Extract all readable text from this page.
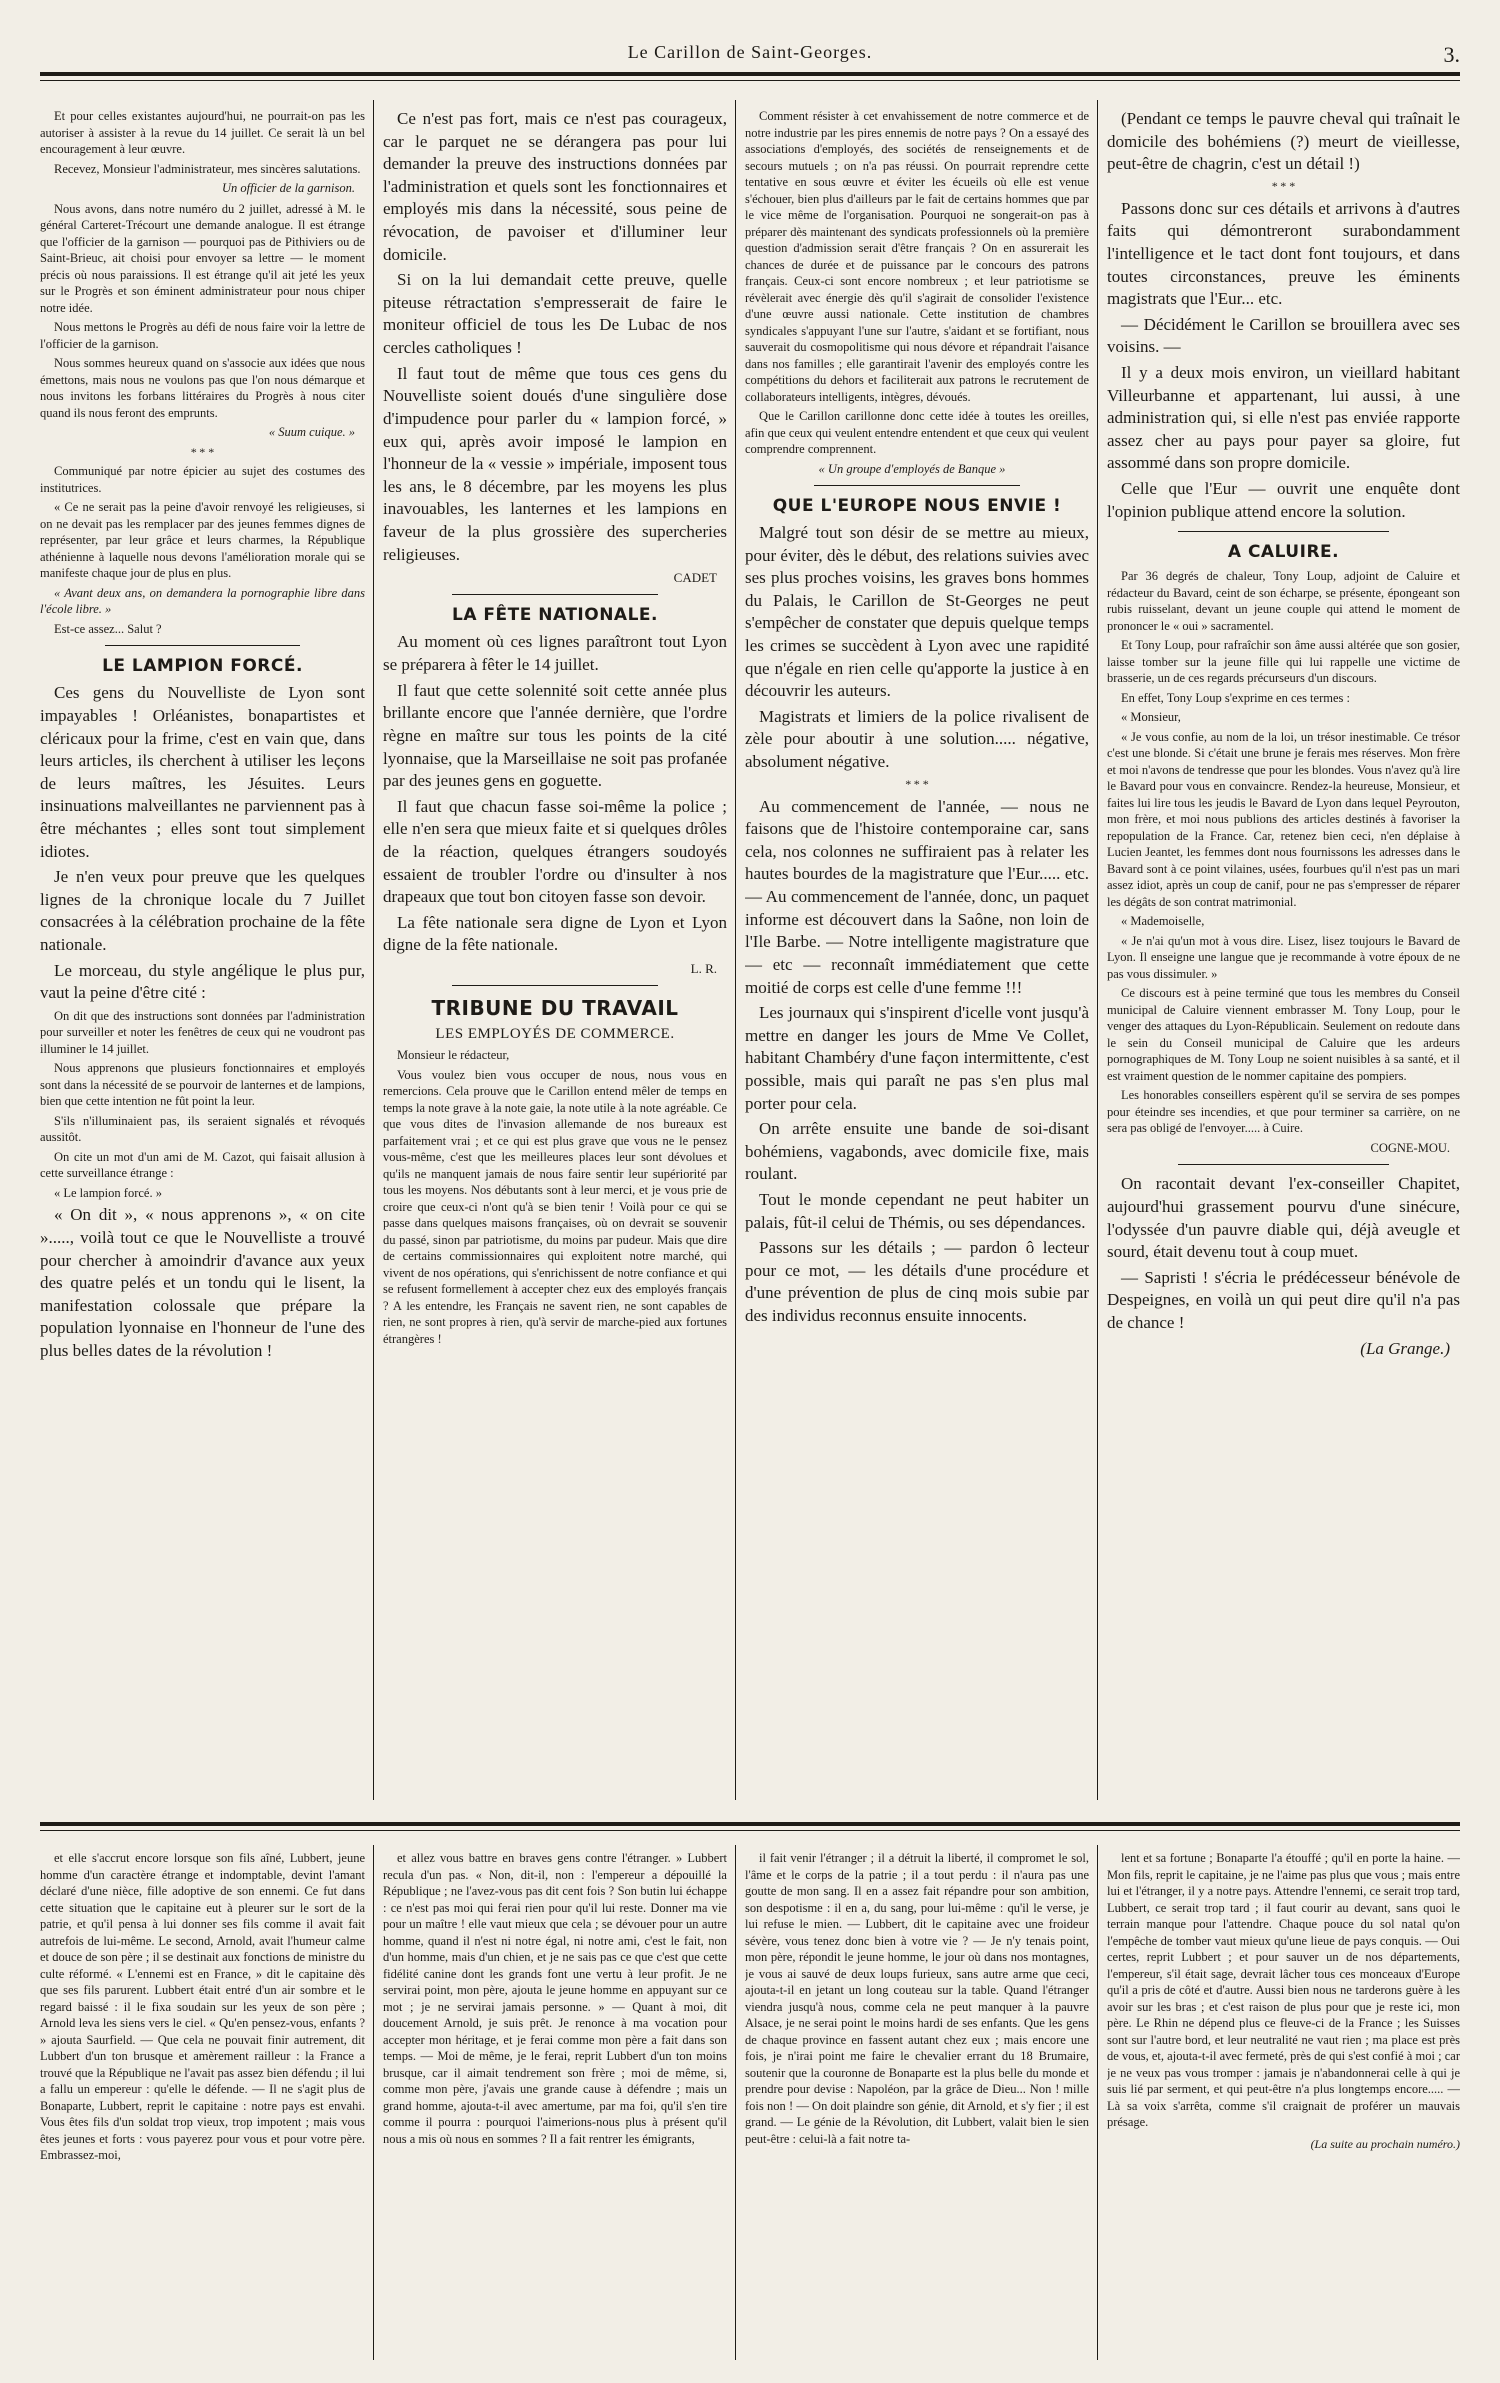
Le Carillon de Saint-Georges.	3.

Et pour celles existantes aujourd'hui, ne pourrait-on pas les autoriser à assister à la revue du 14 juillet. Ce serait là un bel encouragement à leur œuvre.

Recevez, Monsieur l'administrateur, mes sincères salutations.

Un officier de la garnison.

Nous avons, dans notre numéro du 2 juillet, adressé à M. le général Carteret-Trécourt une demande analogue. Il est étrange que l'officier de la garnison — pourquoi pas de Pithiviers ou de Saint-Brieuc, ait choisi pour envoyer sa lettre — le moment précis où nous paraissions. Il est étrange qu'il ait jeté les yeux sur le Progrès et son éminent administrateur pour nous chiper notre idée.

Nous mettons le Progrès au défi de nous faire voir la lettre de l'officier de la garnison.

Nous sommes heureux quand on s'associe aux idées que nous émettons, mais nous ne voulons pas que l'on nous démarque et nous invitons les forbans littéraires du Progrès à nous citer quand ils nous feront des emprunts.

« Suum cuique. »
* * *

Communiqué par notre épicier au sujet des costumes des institutrices.

« Ce ne serait pas la peine d'avoir renvoyé les religieuses, si on ne devait pas les remplacer par des jeunes femmes dignes de représenter, par leur grâce et leurs charmes, la République athénienne à laquelle nous devons l'amélioration morale qui se manifeste chaque jour de plus en plus.

« Avant deux ans, on demandera la pornographie libre dans l'école libre. »

Est-ce assez... Salut ?

LE LAMPION FORCÉ.

Ces gens du Nouvelliste de Lyon sont impayables ! Orléanistes, bonapartistes et cléricaux pour la frime, c'est en vain que, dans leurs articles, ils cherchent à utiliser les leçons de leurs maîtres, les Jésuites. Leurs insinuations malveillantes ne parviennent pas à être méchantes ; elles sont tout simplement idiotes.

Je n'en veux pour preuve que les quelques lignes de la chronique locale du 7 Juillet consacrées à la célébration prochaine de la fête nationale.

Le morceau, du style angélique le plus pur, vaut la peine d'être cité :

On dit que des instructions sont données par l'administration pour surveiller et noter les fenêtres de ceux qui ne voudront pas illuminer le 14 juillet.

Nous apprenons que plusieurs fonctionnaires et employés sont dans la nécessité de se pourvoir de lanternes et de lampions, bien que cette intention ne fût point la leur.

S'ils n'illuminaient pas, ils seraient signalés et révoqués aussitôt.

On cite un mot d'un ami de M. Cazot, qui faisait allusion à cette surveillance étrange :

« Le lampion forcé. »

« On dit », « nous apprenons », « on cite »....., voilà tout ce que le Nouvelliste a trouvé pour chercher à amoindrir d'avance aux yeux des quatre pelés et un tondu qui le lisent, la manifestation colossale que prépare la population lyonnaise en l'honneur de l'une des plus belles dates de la révolution !

Ce n'est pas fort, mais ce n'est pas courageux, car le parquet ne se dérangera pas pour lui demander la preuve des instructions données par l'administration et quels sont les fonctionnaires et employés mis dans la nécessité, sous peine de révocation, de pavoiser et d'illuminer leur domicile.

Si on la lui demandait cette preuve, quelle piteuse rétractation s'empresserait de faire le moniteur officiel de tous les De Lubac de nos cercles catholiques !

Il faut tout de même que tous ces gens du Nouvelliste soient doués d'une singulière dose d'impudence pour parler du « lampion forcé, » eux qui, après avoir imposé le lampion en l'honneur de la « vessie » impériale, imposent tous les ans, le 8 décembre, par les moyens les plus inavouables, les lanternes et les lampions en faveur de la plus grossière des supercheries religieuses.

CADET
LA FÊTE NATIONALE.

Au moment où ces lignes paraîtront tout Lyon se préparera à fêter le 14 juillet.

Il faut que cette solennité soit cette année plus brillante encore que l'année dernière, que l'ordre règne en maître sur tous les points de la cité lyonnaise, que la Marseillaise ne soit pas profanée par des jeunes gens en goguette.

Il faut que chacun fasse soi-même la police ; elle n'en sera que mieux faite et si quelques drôles de la réaction, quelques étrangers soudoyés essaient de troubler l'ordre ou d'insulter à nos drapeaux que tout bon citoyen fasse son devoir.

La fête nationale sera digne de Lyon et Lyon digne de la fête nationale.

L. R.
TRIBUNE DU TRAVAIL
LES EMPLOYÉS DE COMMERCE.

Monsieur le rédacteur,

Vous voulez bien vous occuper de nous, nous vous en remercions. Cela prouve que le Carillon entend mêler de temps en temps la note grave à la note gaie, la note utile à la note agréable. Ce que vous dites de l'invasion allemande de nos bureaux est parfaitement vrai ; et ce qui est plus grave que vous ne le pensez vous-même, c'est que les meilleures places leur sont dévolues et qu'ils ne manquent jamais de nous faire sentir leur supériorité par tous les moyens. Nos débutants sont à leur merci, et je vous prie de croire que ceux-ci n'ont qu'à se bien tenir ! Voilà pour ce qui se passe dans quelques maisons françaises, où on devrait se souvenir du passé, sinon par patriotisme, du moins par pudeur. Mais que dire de certains commissionnaires qui exploitent notre marché, qui vivent de nos opérations, qui s'enrichissent de notre confiance et qui se refusent formellement à accepter chez eux des employés français ? A les entendre, les Français ne savent rien, ne sont capables de rien, ne sont propres à rien, qu'à servir de marche-pied aux fortunes étrangères !

Comment résister à cet envahissement de notre commerce et de notre industrie par les pires ennemis de notre pays ? On a essayé des associations d'employés, des sociétés de renseignements et de secours mutuels ; on n'a pas réussi. On pourrait reprendre cette tentative en sous œuvre et éviter les écueils où elle est venue s'échouer, bien plus d'ailleurs par le fait de certains hommes que par le vice même de l'organisation. Pourquoi ne songerait-on pas à préparer dès maintenant des syndicats professionnels où la première question d'admission serait d'être français ? On en assurerait les chances de durée et de puissance par le concours des patrons français. Ceux-ci sont encore nombreux ; et leur patriotisme se révèlerait avec énergie dès qu'il s'agirait de consolider l'existence d'une œuvre aussi nationale. Cette institution de chambres syndicales s'appuyant l'une sur l'autre, s'aidant et se fortifiant, nous sauverait du cosmopolitisme qui nous dévore et répandrait l'aisance dans nos familles ; elle garantirait l'avenir des employés contre les compétitions du dehors et faciliterait aux patrons le recrutement de collaborateurs intelligents, intègres, dévoués.

Que le Carillon carillonne donc cette idée à toutes les oreilles, afin que ceux qui veulent entendre entendent et que ceux qui veulent comprendre comprennent.

« Un groupe d'employés de Banque »
QUE L'EUROPE NOUS ENVIE !

Malgré tout son désir de se mettre au mieux, pour éviter, dès le début, des relations suivies avec ses plus proches voisins, les graves bons hommes du Palais, le Carillon de St-Georges ne peut s'empêcher de constater que depuis quelque temps les crimes se succèdent à Lyon avec une rapidité que n'égale en rien celle qu'apporte la justice à en découvrir les auteurs.

Magistrats et limiers de la police rivalisent de zèle pour aboutir à une solution..... négative, absolument négative.

* * *

Au commencement de l'année, — nous ne faisons que de l'histoire contemporaine car, sans cela, nos colonnes ne suffiraient pas à relater les hautes bourdes de la magistrature que l'Eur..... etc. — Au commencement de l'année, donc, un paquet informe est découvert dans la Saône, non loin de l'Ile Barbe. — Notre intelligente magistrature que — etc — reconnaît immédiatement que cette moitié de corps est celle d'une femme !!!

Les journaux qui s'inspirent d'icelle vont jusqu'à mettre en danger les jours de Mme Ve Collet, habitant Chambéry d'une façon intermittente, c'est possible, mais qui paraît ne pas s'en plus mal porter pour cela.

On arrête ensuite une bande de soi-disant bohémiens, vagabonds, avec domicile fixe, mais roulant.

Tout le monde cependant ne peut habiter un palais, fût-il celui de Thémis, ou ses dépendances.

Passons sur les détails ; — pardon ô lecteur pour ce mot, — les détails d'une procédure et d'une prévention de plus de cinq mois subie par des individus reconnus ensuite innocents.

(Pendant ce temps le pauvre cheval qui traînait le domicile des bohémiens (?) meurt de vieillesse, peut-être de chagrin, c'est un détail !)

* * *

Passons donc sur ces détails et arrivons à d'autres faits qui démontreront surabondamment l'intelligence et le tact dont font toujours, et dans toutes circonstances, preuve les éminents magistrats que l'Eur... etc.

— Décidément le Carillon se brouillera avec ses voisins. —

Il y a deux mois environ, un vieillard habitant Villeurbanne et appartenant, lui aussi, à une administration qui, si elle n'est pas enviée rapporte assez cher au pays pour payer sa gloire, fut assommé dans son propre domicile.

Celle que l'Eur — ouvrit une enquête dont l'opinion publique attend encore la solution.

A CALUIRE.

Par 36 degrés de chaleur, Tony Loup, adjoint de Caluire et rédacteur du Bavard, ceint de son écharpe, se présente, épongeant son rubis ruisselant, devant un jeune couple qui attend le moment de prononcer le « oui » sacramentel.

Et Tony Loup, pour rafraîchir son âme aussi altérée que son gosier, laisse tomber sur la jeune fille qui lui rappelle une victime de brasserie, un de ces regards précurseurs d'un discours.

En effet, Tony Loup s'exprime en ces termes :

« Monsieur,

« Je vous confie, au nom de la loi, un trésor inestimable. Ce trésor c'est une blonde. Si c'était une brune je ferais mes réserves. Mon frère et moi n'avons de tendresse que pour les blondes. Vous n'avez qu'à lire le Bavard pour vous en convaincre. Rendez-la heureuse, Monsieur, et faites lui lire tous les jeudis le Bavard de Lyon dans lequel Peyrouton, mon frère, et moi nous publions des articles destinés à favoriser la repopulation de la France. Car, retenez bien ceci, n'en déplaise à Lucien Jeantet, les femmes dont nous fournissons les adresses dans le Bavard sont à ce point vilaines, usées, fourbues qu'il n'est pas un mari assez idiot, après un coup de canif, pour ne pas s'empresser de réparer les dégâts de son contrat matrimonial.

« Mademoiselle,

« Je n'ai qu'un mot à vous dire. Lisez, lisez toujours le Bavard de Lyon. Il enseigne une langue que je recommande à votre époux de ne pas vous dissimuler. »

Ce discours est à peine terminé que tous les membres du Conseil municipal de Caluire viennent embrasser M. Tony Loup, pour le venger des attaques du Lyon-Républicain. Seulement on redoute dans le sein du Conseil municipal de Caluire que les ardeurs pornographiques de M. Tony Loup ne soient nuisibles à sa santé, et il est vraiment question de le nommer capitaine des pompiers.

Les honorables conseillers espèrent qu'il se servira de ses pompes pour éteindre ses incendies, et que pour terminer sa carrière, on ne sera pas obligé de l'envoyer..... à Cuire.

COGNE-MOU.

On racontait devant l'ex-conseiller Chapitet, aujourd'hui grassement pourvu d'une sinécure, l'odyssée d'un pauvre diable qui, déjà aveugle et sourd, était devenu tout à coup muet.

— Sapristi ! s'écria le prédécesseur bénévole de Despeignes, en voilà un qui peut dire qu'il n'a pas de chance !

(La Grange.)

et elle s'accrut encore lorsque son fils aîné, Lubbert, jeune homme d'un caractère étrange et indomptable, devint l'amant déclaré d'une nièce, fille adoptive de son ennemi. Ce fut dans cette situation que le capitaine eut à pleurer sur le sort de la patrie, et qu'il pensa à lui donner ses fils comme il avait fait autrefois de lui-même. Le second, Arnold, avait l'humeur calme et douce de son père ; il se destinait aux fonctions de ministre du culte réformé. « L'ennemi est en France, » dit le capitaine dès que ses fils parurent. Lubbert était entré d'un air sombre et le regard baissé : il le fixa soudain sur les yeux de son père ; Arnold leva les siens vers le ciel. « Qu'en pensez-vous, enfants ? » ajouta Saurfield. — Que cela ne pouvait finir autrement, dit Lubbert d'un ton brusque et amèrement railleur : la France a trouvé que la République ne l'avait pas assez bien défendu ; il lui a fallu un empereur : qu'elle le défende. — Il ne s'agit plus de Bonaparte, Lubbert, reprit le capitaine : notre pays est envahi. Vous êtes fils d'un soldat trop vieux, trop impotent ; mais vous êtes jeunes et forts : vous payerez pour vous et pour votre père. Embrassez-moi,

et allez vous battre en braves gens contre l'étranger. » Lubbert recula d'un pas. « Non, dit-il, non : l'empereur a dépouillé la République ; ne l'avez-vous pas dit cent fois ? Son butin lui échappe : ce n'est pas moi qui ferai rien pour qu'il lui reste. Donner ma vie pour un maître ! elle vaut mieux que cela ; se dévouer pour un autre homme, quand il n'est ni notre égal, ni notre ami, c'est le fait, non d'un homme, mais d'un chien, et je ne sais pas ce que c'est que cette fidélité canine dont les grands font une vertu à leur profit. Je ne servirai point, mon père, ajouta le jeune homme en appuyant sur ce mot ; je ne servirai jamais personne. » — Quant à moi, dit doucement Arnold, je suis prêt. Je renonce à ma vocation pour accepter mon héritage, et je ferai comme mon père a fait dans son temps. — Moi de même, je le ferai, reprit Lubbert d'un ton moins brusque, car il aimait tendrement son frère ; moi de même, si, comme mon père, j'avais une grande cause à défendre ; mais un grand homme, ajouta-t-il avec amertume, par ma foi, qu'il s'en tire comme il pourra : pourquoi l'aimerions-nous plus à présent qu'il nous a mis où nous en sommes ? Il a fait rentrer les émigrants,

il fait venir l'étranger ; il a détruit la liberté, il compromet le sol, l'âme et le corps de la patrie ; il a tout perdu : il n'aura pas une goutte de mon sang. Il en a assez fait répandre pour son ambition, son despotisme : il en a, du sang, pour lui-même : qu'il le verse, je lui refuse le mien. — Lubbert, dit le capitaine avec une froideur sévère, vous tenez donc bien à votre vie ? — Je n'y tenais point, mon père, répondit le jeune homme, le jour où dans nos montagnes, je vous ai sauvé de deux loups furieux, sans autre arme que ceci, ajouta-t-il en jetant un long couteau sur la table. Quand l'étranger viendra jusqu'à nous, comme cela ne peut manquer à la pauvre Alsace, je ne serai point le moins hardi de ses enfants. Que les gens de chaque province en fassent autant chez eux ; mais encore une fois, je n'irai point me faire le chevalier errant du 18 Brumaire, soutenir que la couronne de Bonaparte est la plus belle du monde et prendre pour devise : Napoléon, par la grâce de Dieu... Non ! mille fois non ! — On doit plaindre son génie, dit Arnold, et s'y fier ; il est grand. — Le génie de la Révolution, dit Lubbert, valait bien le sien peut-être : celui-là a fait notre ta-

lent et sa fortune ; Bonaparte l'a étouffé ; qu'il en porte la haine. — Mon fils, reprit le capitaine, je ne l'aime pas plus que vous ; mais entre lui et l'étranger, il y a notre pays. Attendre l'ennemi, ce serait trop tard, Lubbert, ce serait trop tard ; il faut courir au devant, sans quoi le terrain manque pour l'attendre. Chaque pouce du sol natal qu'on l'empêche de tomber vaut mieux qu'une lieue de pays conquis. — Oui certes, reprit Lubbert ; et pour sauver un de nos départements, l'empereur, s'il était sage, devrait lâcher tous ces monceaux d'Europe qu'il a pris de côté et d'autre. Aussi bien nous ne tarderons guère à les avoir sur les bras ; et c'est raison de plus pour que je reste ici, mon père. Le Rhin ne dépend plus ce fleuve-ci de la France ; les Suisses sont sur l'autre bord, et leur neutralité ne vaut rien ; ma place est près de vous, et, ajouta-t-il avec fermeté, près de qui s'est confié à moi ; car je ne veux pas vous tromper : jamais je n'abandonnerai celle à qui je suis lié par serment, et qui peut-être n'a plus longtemps encore..... — Là sa voix s'arrêta, comme s'il craignait de proférer un mauvais présage.

(La suite au prochain numéro.)
